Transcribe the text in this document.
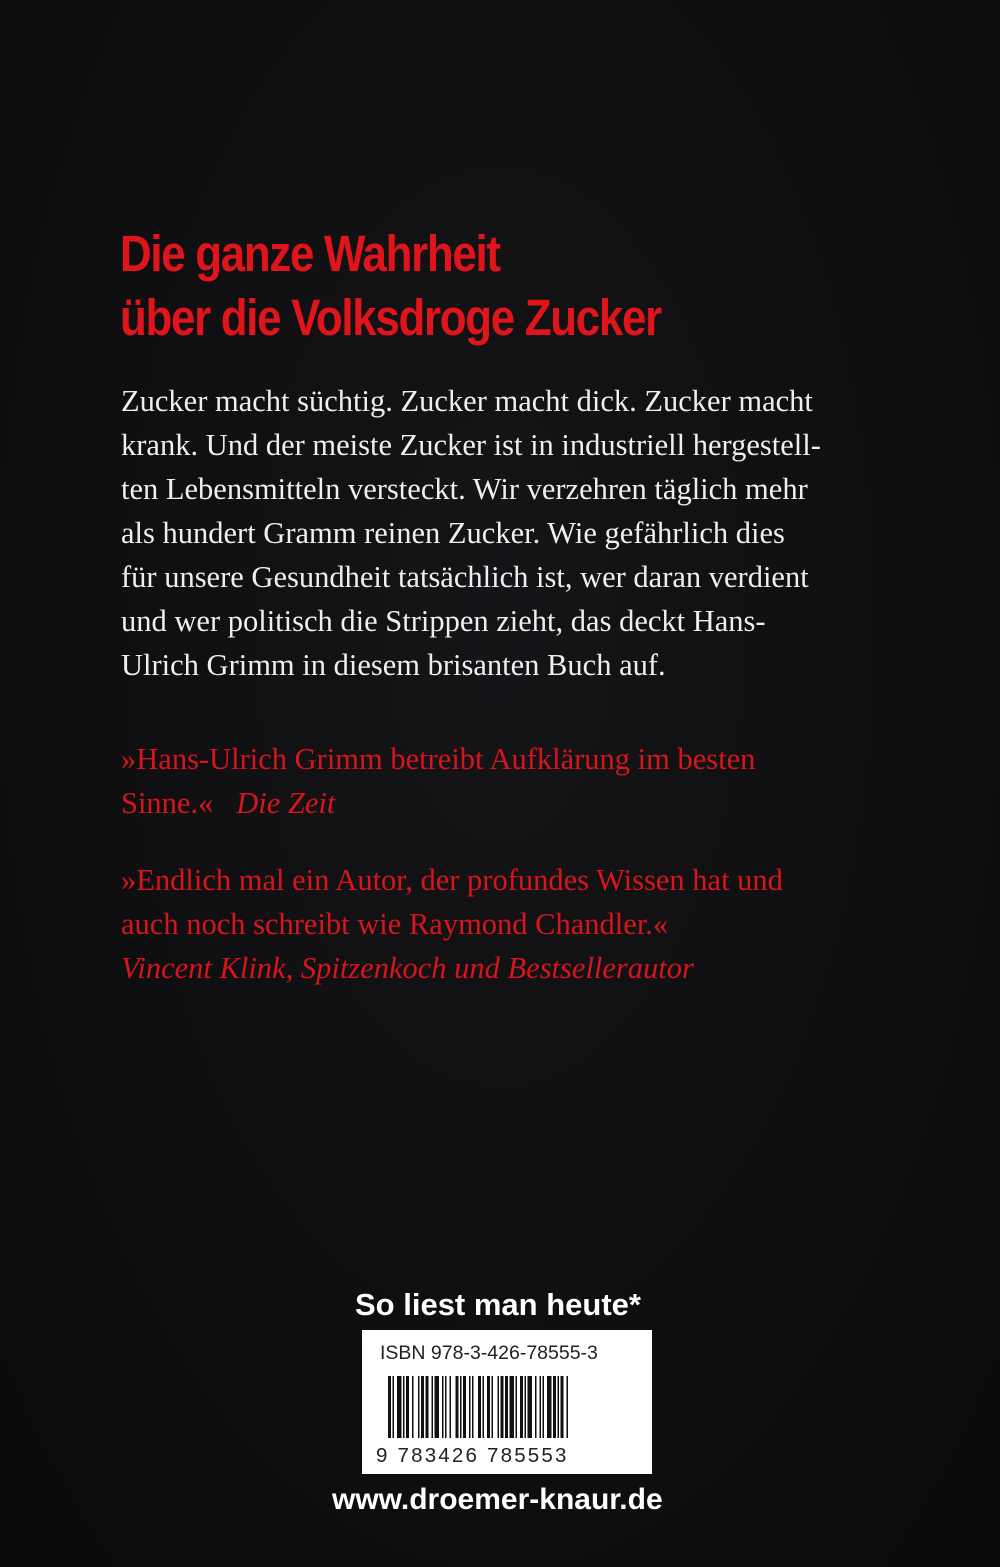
Die ganze Wahrheit
über die Volksdroge Zucker

Zucker macht süchtig. Zucker macht dick. Zucker macht
krank. Und der meiste Zucker ist in industriell hergestell-
ten Lebensmitteln versteckt. Wir verzehren täglich mehr
als hundert Gramm reinen Zucker. Wie gefährlich dies
für unsere Gesundheit tatsächlich ist, wer daran verdient
und wer politisch die Strippen zieht, das deckt Hans-
Ulrich Grimm in diesem brisanten Buch auf.

»Hans-Ulrich Grimm betreibt Aufklärung im besten
Sinne.« Die Zeit

»Endlich mal ein Autor, der profundes Wissen hat und
auch noch schreibt wie Raymond Chandler.«
Vincent Klink, Spitzenkoch und Bestsellerautor

So liest man heute*

ISBN 978-3-426-78555-3
9 783426 785553

www.droemer-knaur.de
